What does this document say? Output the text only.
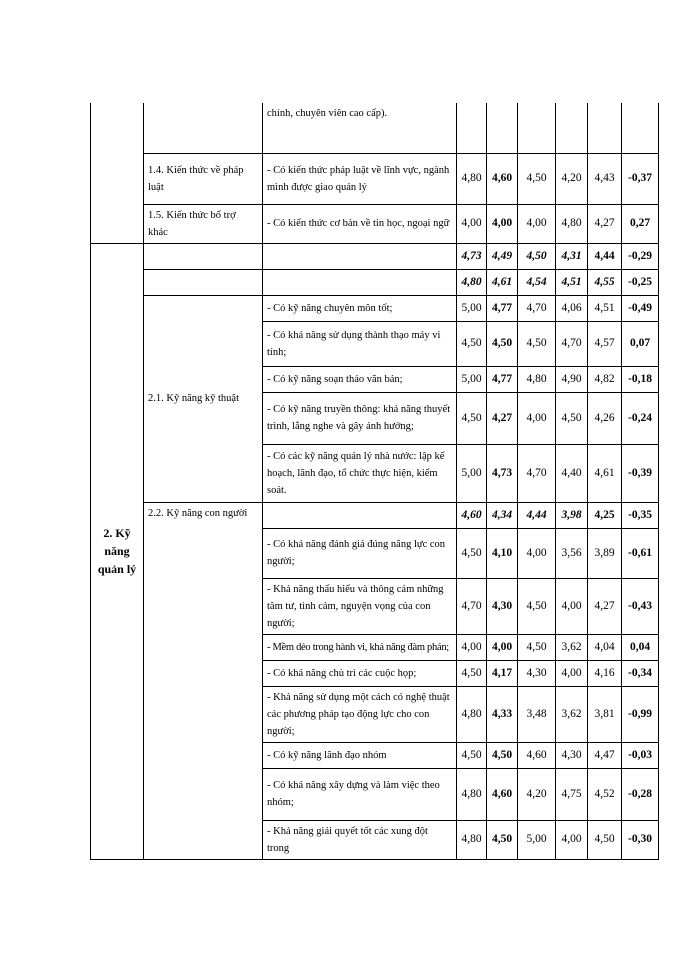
		chính, chuyên viên cao cấp).						
	1.4. Kiến thức về pháp luật	- Có kiến thức pháp luật về lĩnh vực, ngành mình được giao quản lý	4,80	4,60	4,50	4,20	4,43	-0,37
	1.5. Kiến thức bổ trợ khác	- Có kiến thức cơ bản về tin học, ngoại ngữ	4,00	4,00	4,00	4,80	4,27	0,27
2. Kỹ năng quản lý			4,73	4,49	4,50	4,31	4,44	-0,29
			4,80	4,61	4,54	4,51	4,55	-0,25
	2.1. Kỹ năng kỹ thuật	- Có kỹ năng chuyên môn tốt;	5,00	4,77	4,70	4,06	4,51	-0,49
		- Có khả năng sử dụng thành thạo máy vi tính;	4,50	4,50	4,50	4,70	4,57	0,07
		- Có kỹ năng soạn thảo văn bản;	5,00	4,77	4,80	4,90	4,82	-0,18
		- Có kỹ năng truyền thông: khả năng thuyết trình, lắng nghe và gây ảnh hưởng;	4,50	4,27	4,00	4,50	4,26	-0,24
		- Có các kỹ năng quản lý nhà nước: lập kế hoạch, lãnh đạo, tổ chức thực hiện, kiểm soát.	5,00	4,73	4,70	4,40	4,61	-0,39
	2.2. Kỹ năng con người		4,60	4,34	4,44	3,98	4,25	-0,35
		- Có khả năng đánh giá đúng năng lực con người;	4,50	4,10	4,00	3,56	3,89	-0,61
		- Khả năng thấu hiểu và thông cảm những tâm tư, tình cảm, nguyện vọng của con người;	4,70	4,30	4,50	4,00	4,27	-0,43
		- Mềm dẻo trong hành vi, khả năng đàm phán;	4,00	4,00	4,50	3,62	4,04	0,04
		- Có khả năng chủ trì các cuộc họp;	4,50	4,17	4,30	4,00	4,16	-0,34
		- Khả năng sử dụng một cách có nghệ thuật các phương pháp tạo động lực cho con người;	4,80	4,33	3,48	3,62	3,81	-0,99
		- Có kỹ năng lãnh đạo nhóm	4,50	4,50	4,60	4,30	4,47	-0,03
		- Có khả năng xây dựng và làm việc theo nhóm;	4,80	4,60	4,20	4,75	4,52	-0,28
		- Khả năng giải quyết tốt các xung đột trong	4,80	4,50	5,00	4,00	4,50	-0,30
